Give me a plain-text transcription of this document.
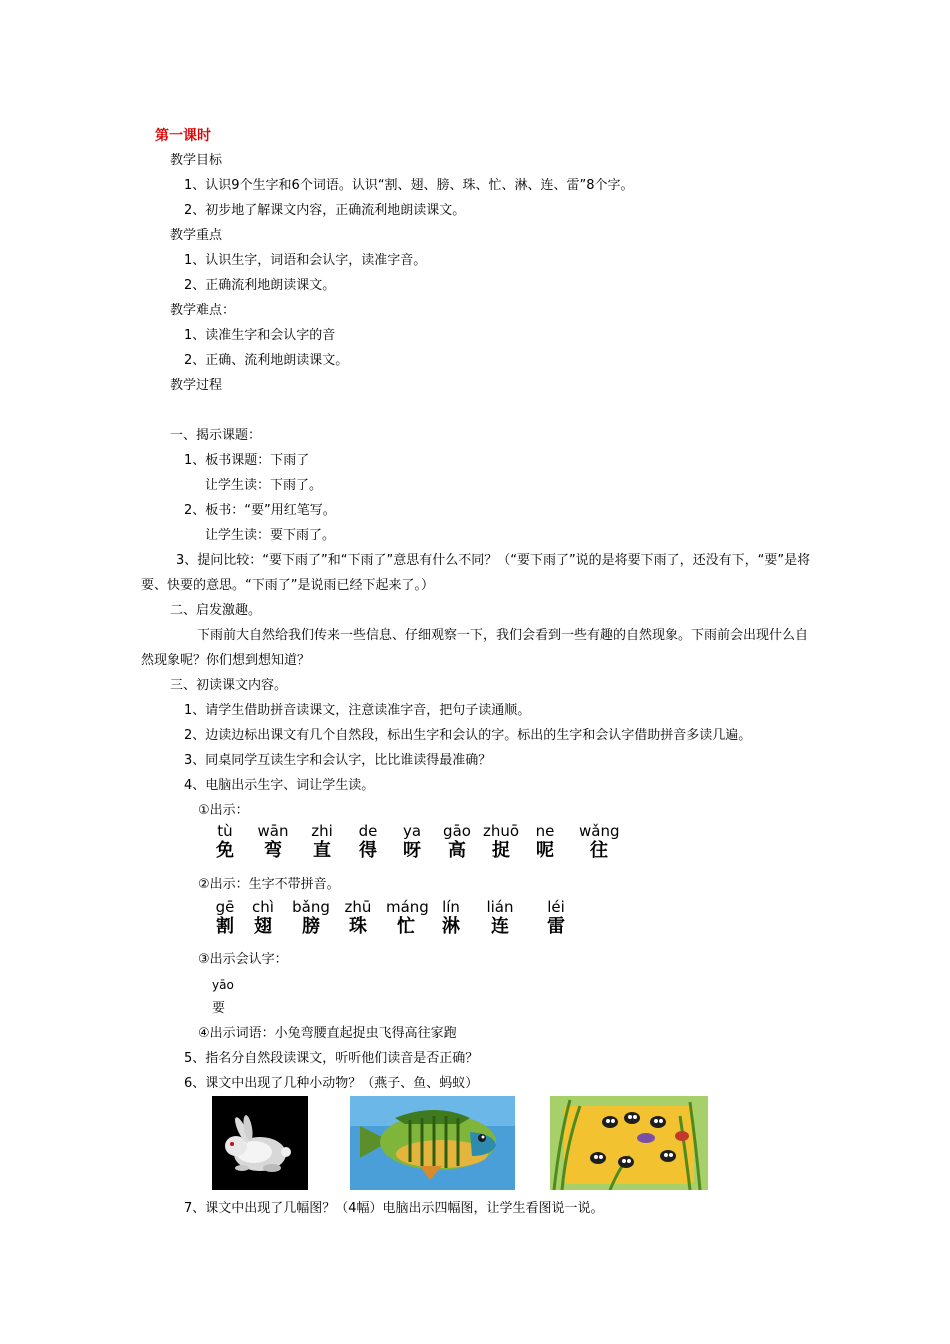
第一课时
教学目标
1、认识9个生字和6个词语。认识“割、翅、膀、珠、忙、淋、连、雷”8个字。
2、初步地了解课文内容，正确流利地朗读课文。
教学重点
1、认识生字，词语和会认字，读准字音。
2、正确流利地朗读课文。
教学难点：
1、读准生字和会认字的音
2、正确、流利地朗读课文。
教学过程
一、揭示课题：
1、板书课题：下雨了
让学生读：下雨了。
2、板书：“要”用红笔写。
让学生读：要下雨了。
3、提问比较：“要下雨了”和“下雨了”意思有什么不同？（“要下雨了”说的是将要下雨了，还没有下，“要”是将要、快要的意思。“下雨了”是说雨已经下起来了。）
二、启发激趣。
下雨前大自然给我们传来一些信息、仔细观察一下，我们会看到一些有趣的自然现象。下雨前会出现什么自然现象呢？你们想到想知道？
三、初读课文内容。
1、请学生借助拼音读课文，注意读准字音，把句子读通顺。
2、边读边标出课文有几个自然段，标出生字和会认的字。标出的生字和会认字借助拼音多读几遍。
3、同桌同学互读生字和会认字，比比谁读得最准确？
4、电脑出示生字、词让学生读。
①出示：
tù
免
wān
弯
zhi
直
de
得
ya
呀
gāo
高
zhuō
捉
ne
呢
wǎng
往
②出示：生字不带拼音。
gē
割
chì
翅
bǎng
膀
zhū
珠
máng
忙
lín
淋
lián
连
léi
雷
③出示会认字：
yāo
要
④出示词语：小兔弯腰直起捉虫飞得高往家跑
5、指名分自然段读课文，听听他们读音是否正确？
6、课文中出现了几种小动物？（燕子、鱼、蚂蚁）
7、课文中出现了几幅图？（4幅）电脑出示四幅图，让学生看图说一说。
